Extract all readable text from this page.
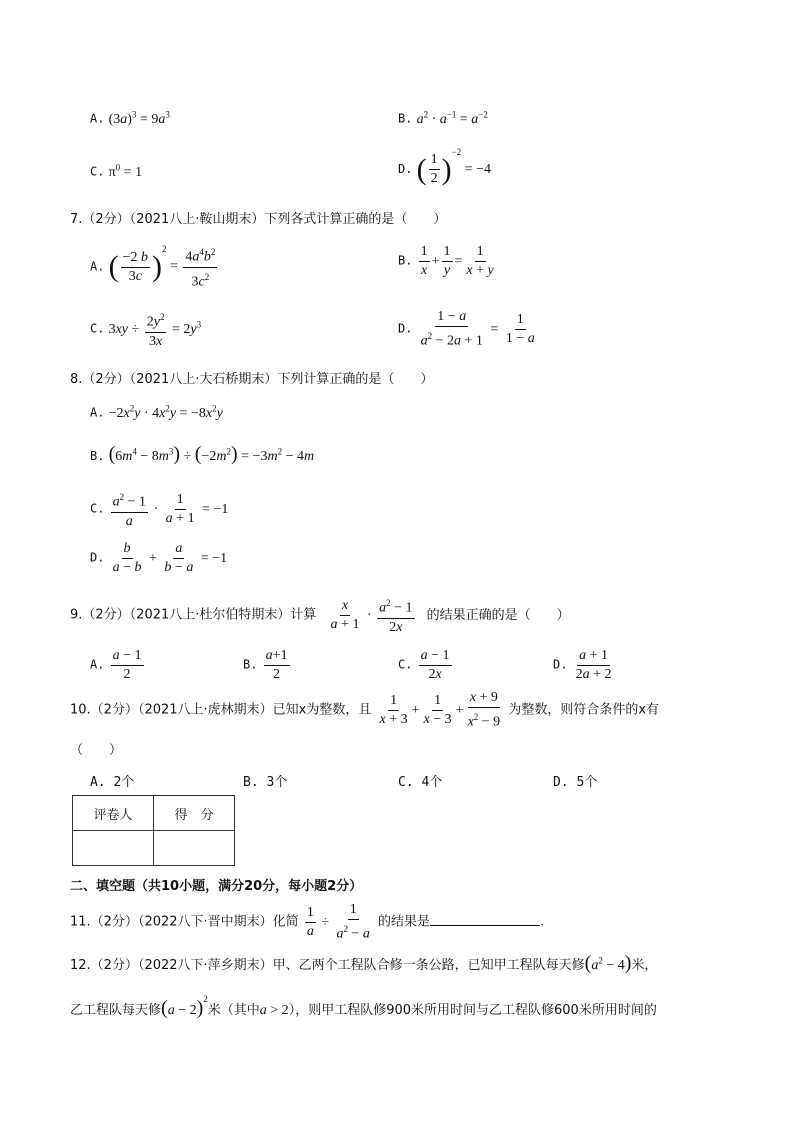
A. $(3a)^3 = 9a^3$	B. $a^2 \cdot a^{-1} = a^{-2}$
C. $\pi^0 = 1$	D. ( $\frac{1}{2} )^{-2} = -4$
7.（2分）（2021八上·鞍山期末）下列各式计算正确的是（　　）
A. ( $\frac{-2 b}{3c} )^2 = \frac{4a^4b^2}{3c^2}$	B. $\frac{1}{x} + \frac{1}{y} = \frac{1}{x + y}$
C. $3xy \div \frac{2y^2}{3x} = 2y^3$	D. $\frac{1 - a}{a^2 - 2a + 1} = \frac{1}{1 - a}$
8.（2分）（2021八上·大石桥期末）下列计算正确的是（　　）
A. $-2x^2y \cdot 4x^2y = -8x^2y$
B. $(6m^4 - 8m^3) \div (-2m^2) = -3m^2 - 4m$
C. $\frac{a^2 - 1}{a} \cdot \frac{1}{a + 1} = -1$
D. $\frac{b}{a - b} + \frac{a}{b - a} = -1$
9.（2分）（2021八上·杜尔伯特期末）计算 $\frac{x}{a + 1} \cdot \frac{a^2 - 1}{2x}$ 的结果正确的是（　　）
A. $\frac{a - 1}{2}$	B. $\frac{a+1}{2}$	C. $\frac{a - 1}{2x}$	D. $\frac{a + 1}{2a + 2}$
10.（2分）（2021八上·虎林期末）已知x为整数，且 $\frac{1}{x + 3} + \frac{1}{x - 3} + \frac{x + 9}{x^2 - 9}$ 为整数，则符合条件的x有
（　　）
A. 2个	B. 3个	C. 4个	D. 5个
评卷人	得　分

二、填空题（共10小题，满分20分，每小题2分）
11.（2分）（2022八下·晋中期末）化简 $\frac{1}{a} \div \frac{1}{a^2 - a}$ 的结果是	.
12.（2分）（2022八下·萍乡期末）甲、乙两个工程队合修一条公路，已知甲工程队每天修$(a^2 - 4)$米，
乙工程队每天修$(a - 2)^2$米（其中a > 2），则甲工程队修900米所用时间与乙工程队修600米所用时间的
